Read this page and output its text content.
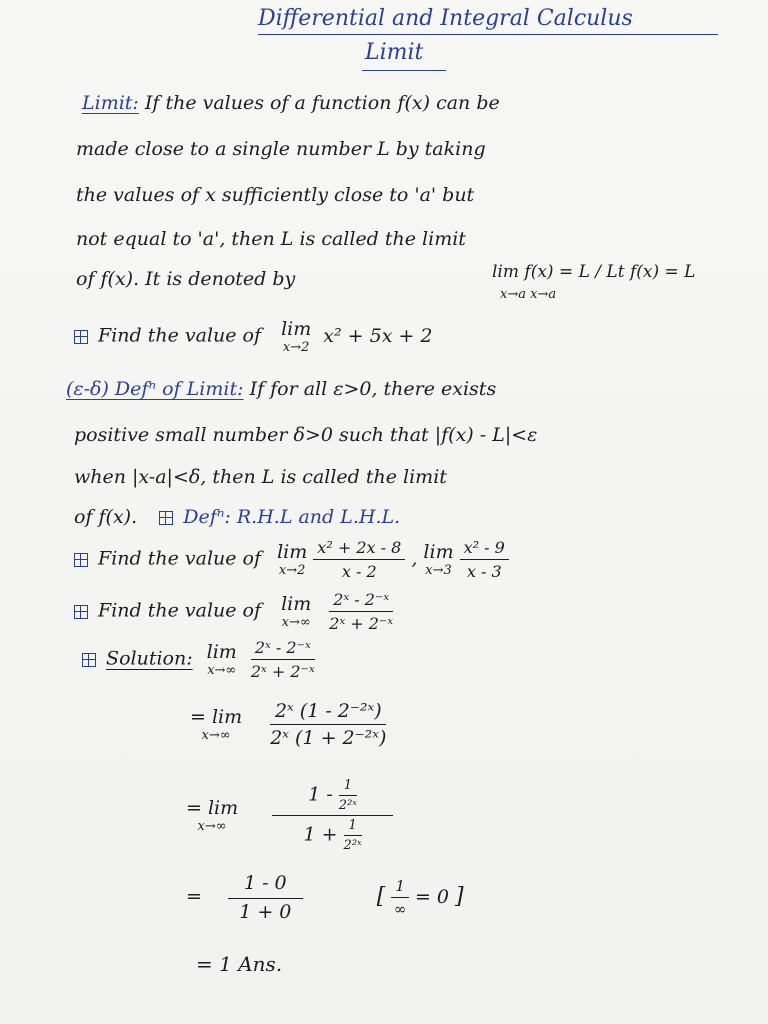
Differential and Integral Calculus
Limit
Limit: If the values of a function f(x) can be
made close to a single number L by taking
the values of x sufficiently close to 'a' but
not equal to 'a', then L is called the limit
of f(x). It is denoted by	lim f(x) = L / Lt f(x) = L
x→a x→a
Find the value of lim
x→2
x² + 5x + 2
(ε-δ) Defⁿ of Limit: If for all ε>0, there exists
positive small number δ>0 such that |f(x) - L|<ε
when |x-a|<δ, then L is called the limit
of f(x). Defⁿ: R.H.L and L.H.L.
Find the value of lim
x→2
$\frac{\text{x² + 2x - 8}}{x - 2}$ , lim
x→3
$\frac{\text{x² - 9}}{x - 3}$
Find the value of lim
x→∞
$\frac{\text{2ˣ - 2⁻ˣ}}{\text{2ˣ + 2⁻ˣ}}$
Solution: lim
x→∞
$\frac{\text{2ˣ - 2⁻ˣ}}{\text{2ˣ + 2⁻ˣ}}$
= lim
x→∞
	$\frac{\text{2ˣ (1 - 2⁻²ˣ)}}{\text{2ˣ (1 + 2⁻²ˣ)}}$
= lim
x→∞
	$\frac{1 - \frac{1}{\text{2²ˣ}}}{1 + \frac{1}{\text{2²ˣ}}}$
= $\frac{1 - 0}{1 + 0}$	[ $\frac{1}{\infty} = 0$ ]
= 1 Ans.
